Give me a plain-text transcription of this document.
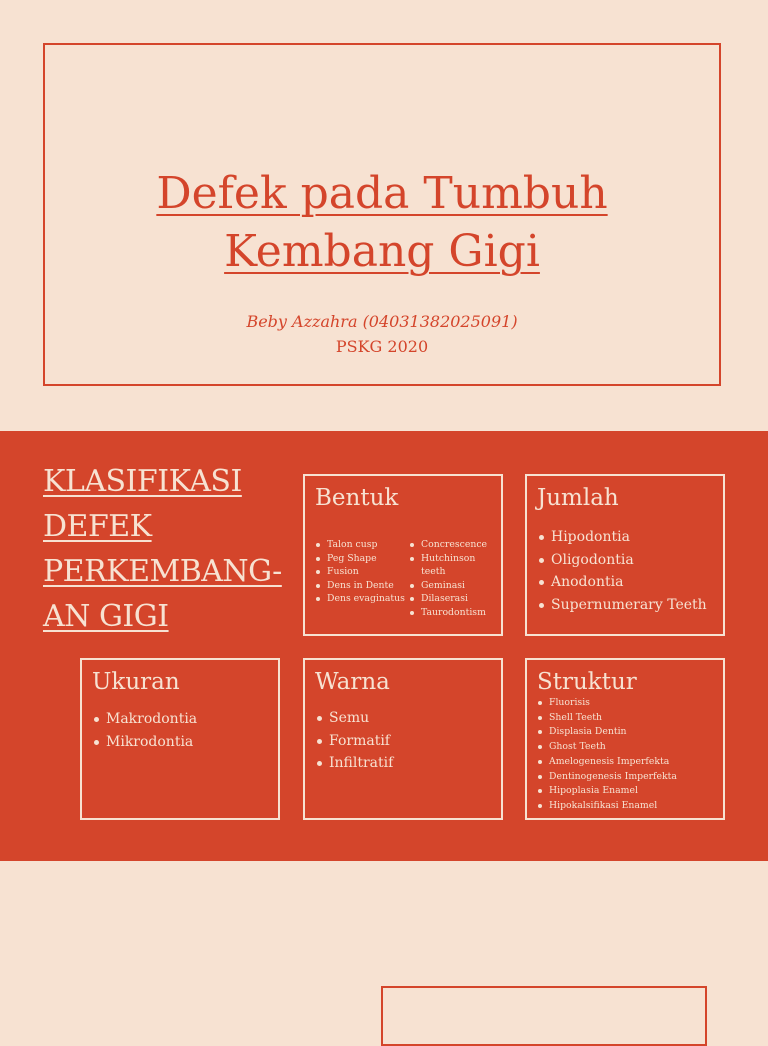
Defek pada Tumbuh
Kembang Gigi
Beby Azzahra (04031382025091)
PSKG 2020
KLASIFIKASI
DEFEK
PERKEMBANG-
AN GIGI
Bentuk
Talon cusp
Peg Shape
Fusion
Dens in Dente
Dens evaginatus
Concrescence
Hutchinson teeth
Geminasi
Dilaserasi
Taurodontism
Jumlah
Hipodontia
Oligodontia
Anodontia
Supernumerary Teeth
Ukuran
Makrodontia
Mikrodontia
Warna
Semu
Formatif
Infiltratif
Struktur
Fluorisis
Shell Teeth
Displasia Dentin
Ghost Teeth
Amelogenesis Imperfekta
Dentinogenesis Imperfekta
Hipoplasia Enamel
Hipokalsifikasi Enamel
